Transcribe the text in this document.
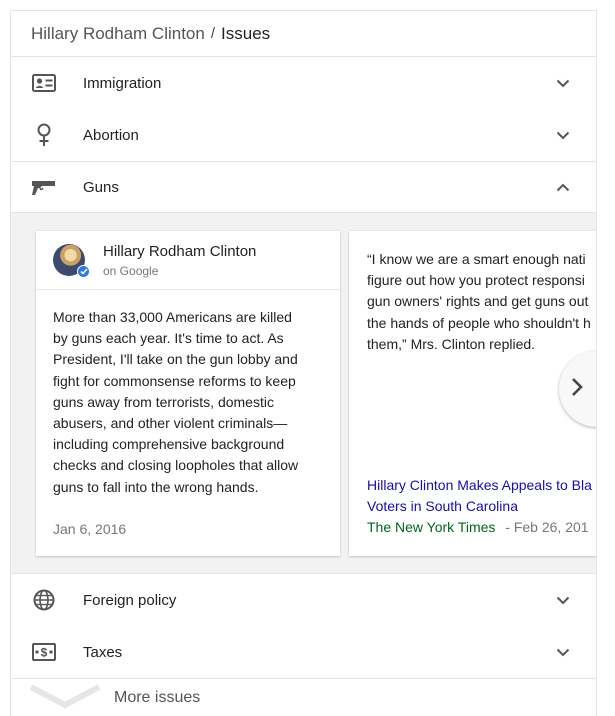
Hillary Rodham Clinton / Issues
Immigration
Abortion
Guns
Hillary Rodham Clinton
on Google
More than 33,000 Americans are killed
by guns each year. It's time to act. As
President, I'll take on the gun lobby and
fight for commonsense reforms to keep
guns away from terrorists, domestic
abusers, and other violent criminals—
including comprehensive background
checks and closing loopholes that allow
guns to fall into the wrong hands.
Jan 6, 2016
“I know we are a smart enough nati
figure out how you protect responsi
gun owners' rights and get guns out
the hands of people who shouldn't h
them,” Mrs. Clinton replied.
Hillary Clinton Makes Appeals to Bla
Voters in South Carolina
The New York Times - Feb 26, 201
Foreign policy
$ Taxes
More issues
